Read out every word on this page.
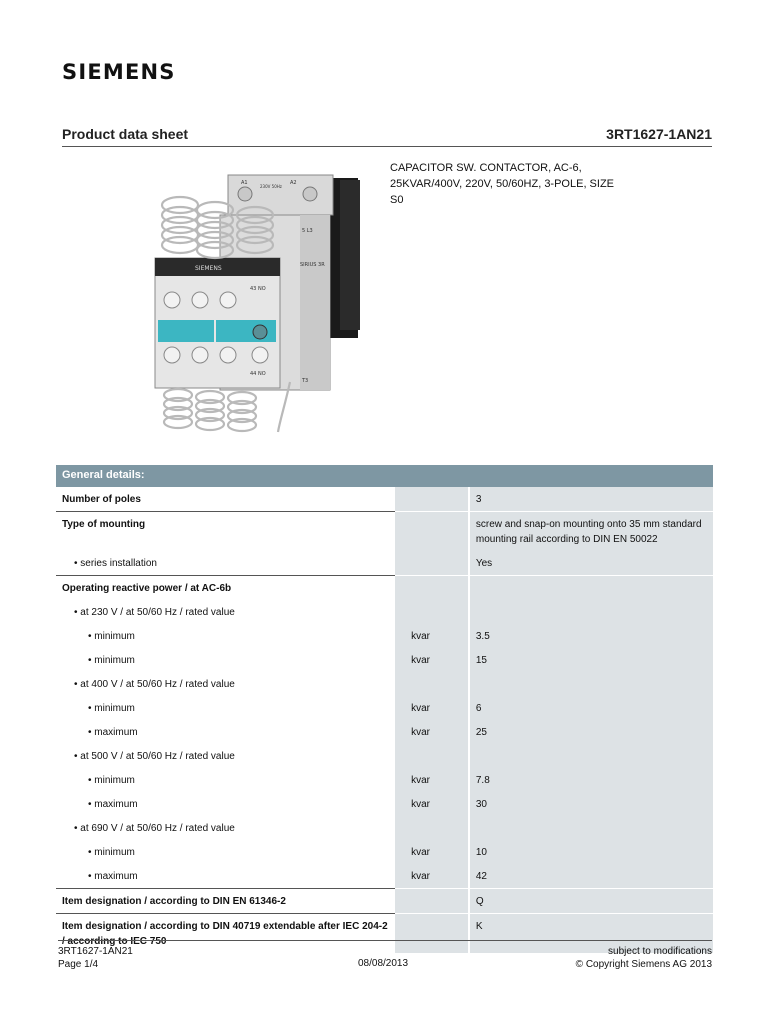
SIEMENS
Product data sheet	3RT1627-1AN21
A1	A2
230V 50Hz
5 L3
SIRIUS 3R
SIEMENS
43 NO
44 NO
T3
CAPACITOR SW. CONTACTOR, AC-6, 25KVAR/400V, 220V, 50/60HZ, 3-POLE, SIZE S0
General details:		
Number of poles		3
Type of mounting		screw and snap-on mounting onto 35 mm standard mounting rail according to DIN EN 50022
• series installation		Yes
Operating reactive power / at AC-6b		
• at 230 V / at 50/60 Hz / rated value		
• minimum	kvar	3.5
• minimum	kvar	15
• at 400 V / at 50/60 Hz / rated value		
• minimum	kvar	6
• maximum	kvar	25
• at 500 V / at 50/60 Hz / rated value		
• minimum	kvar	7.8
• maximum	kvar	30
• at 690 V / at 50/60 Hz / rated value		
• minimum	kvar	10
• maximum	kvar	42
Item designation / according to DIN EN 61346-2		Q
Item designation / according to DIN 40719 extendable after IEC 204-2 / according to IEC 750		K
3RT1627-1AN21
Page 1/4	08/08/2013
subject to modifications
© Copyright Siemens AG 2013
